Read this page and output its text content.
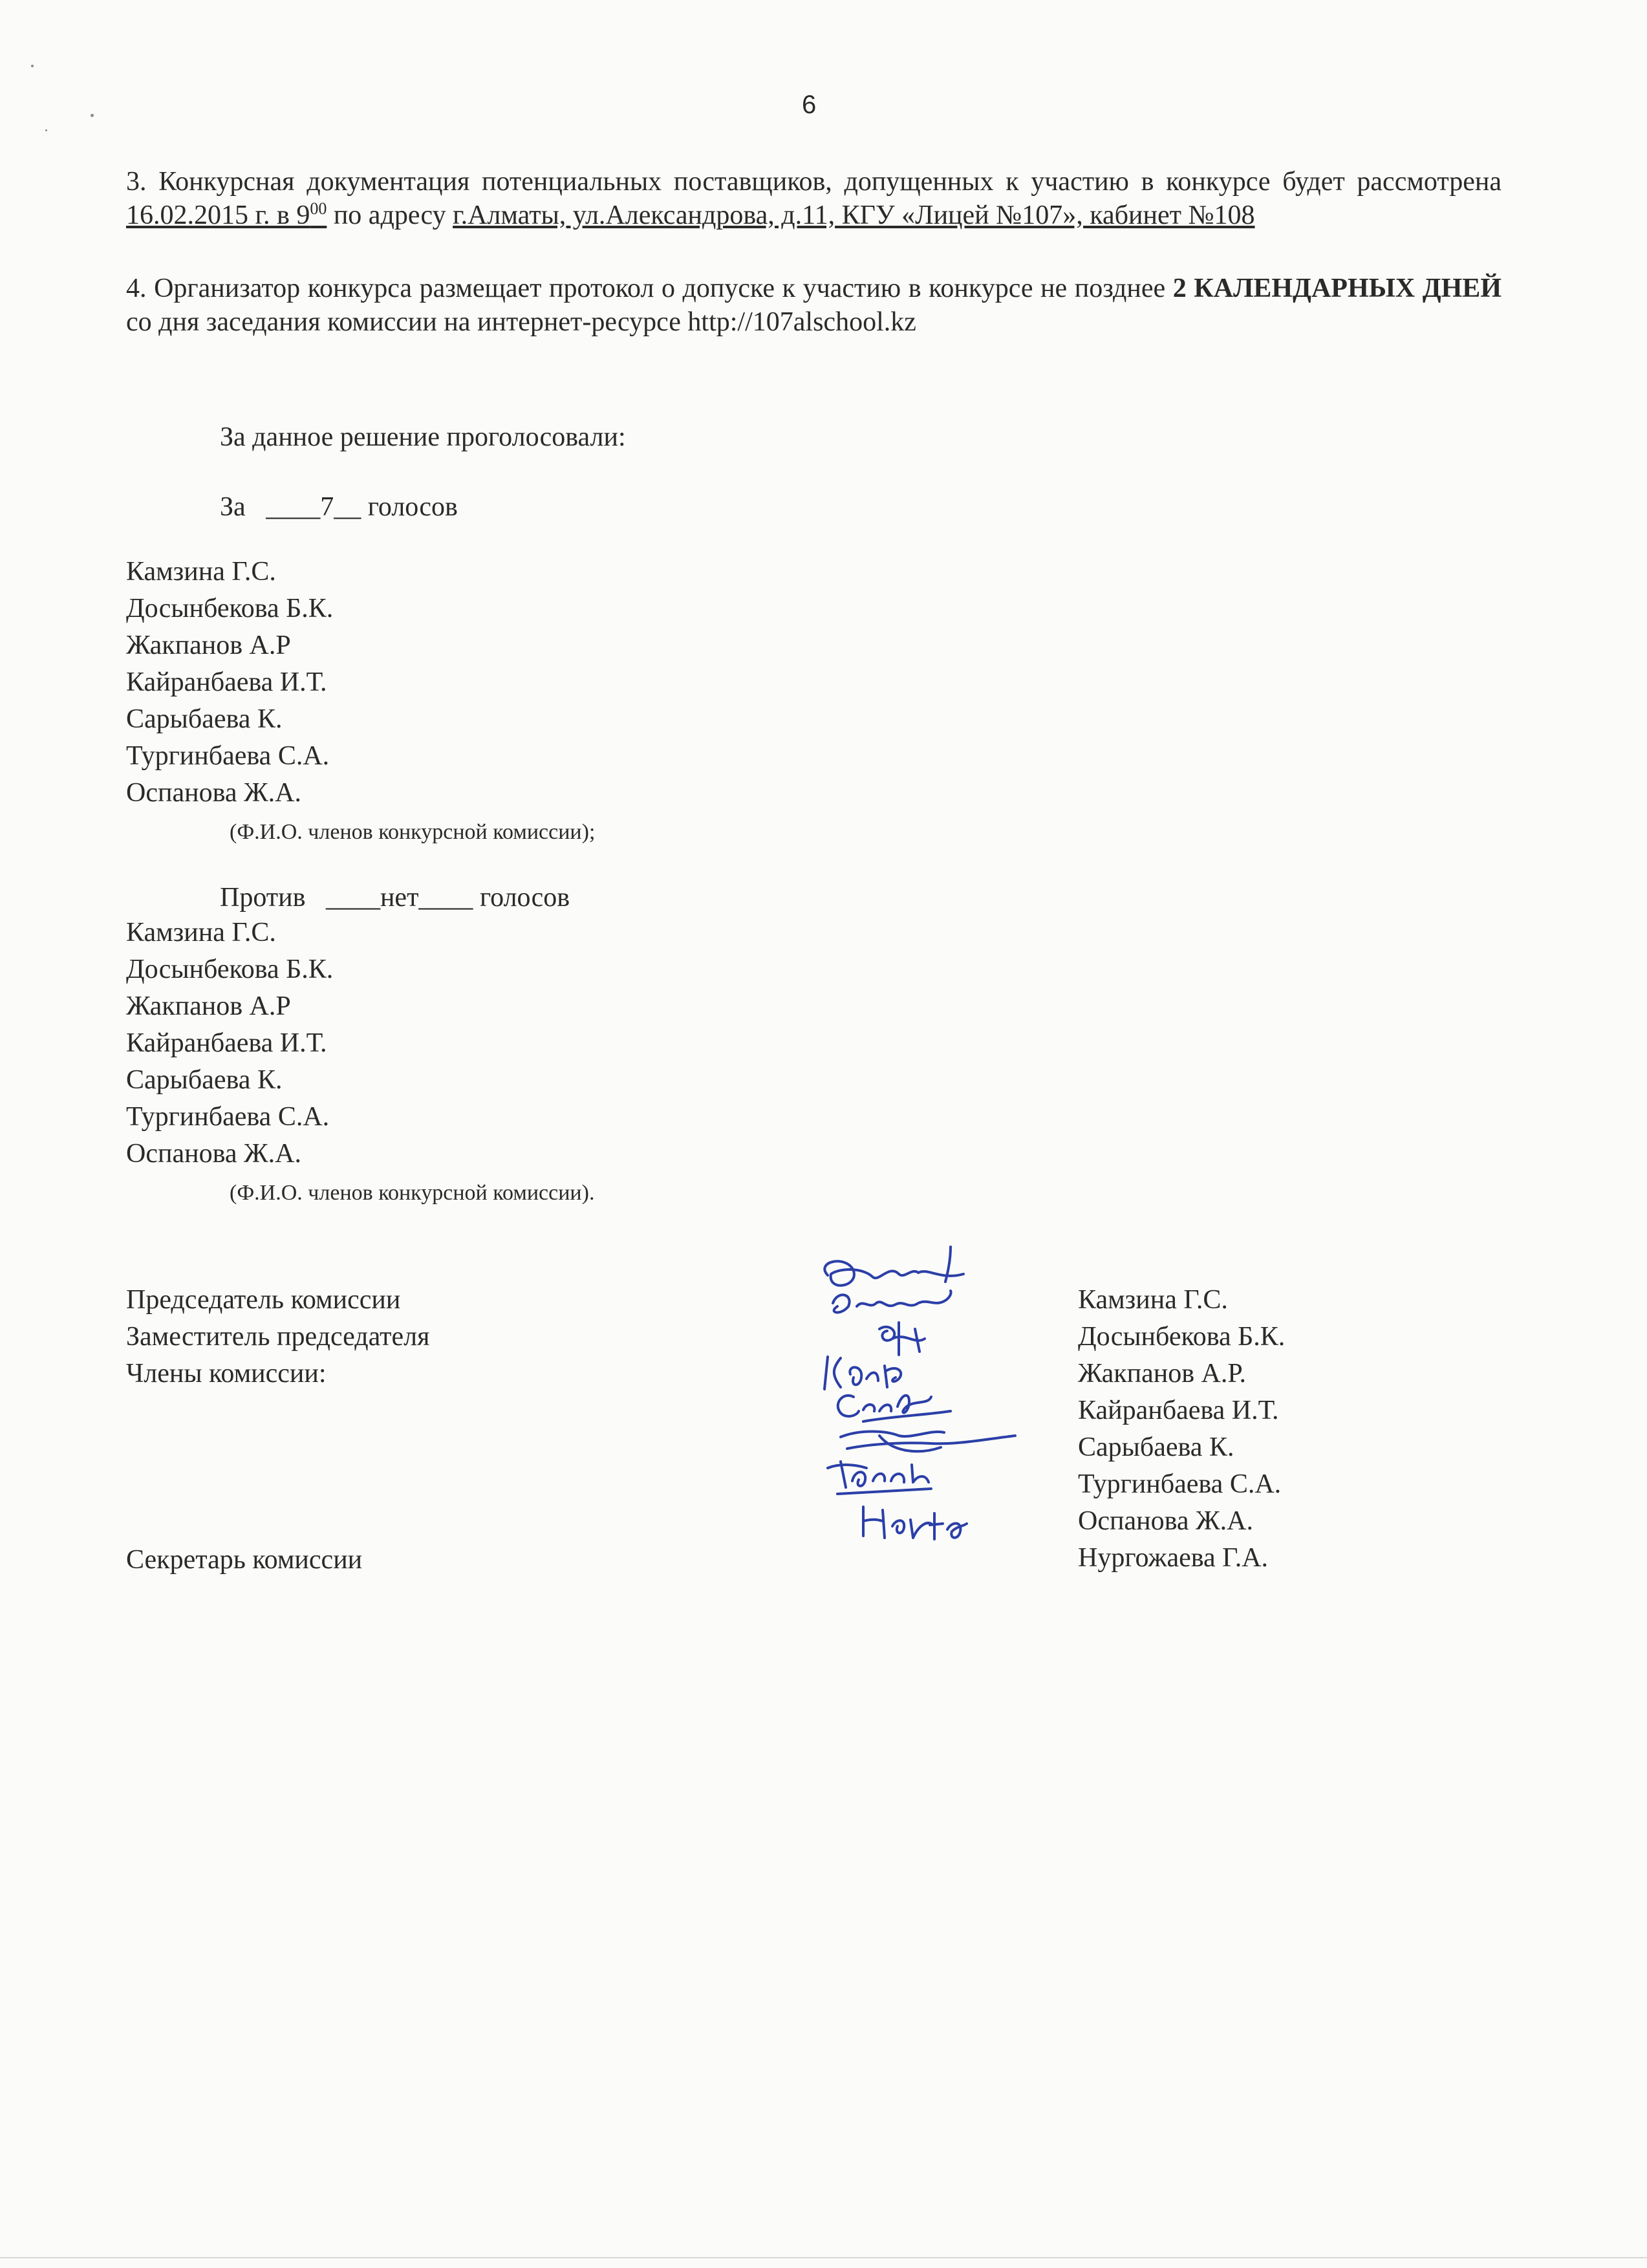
6
3. Конкурсная документация потенциальных поставщиков, допущенных к участию в конкурсе будет рассмотрена 16.02.2015 г. в $9^{00}$ по адресу г.Алматы, ул.Александрова, д.11, КГУ «Лицей №107», кабинет №108
4. Организатор конкурса размещает протокол о допуске к участию в конкурсе не позднее 2 КАЛЕНДАРНЫХ ДНЕЙ со дня заседания комиссии на интернет-ресурсе http://107alschool.kz
За данное решение проголосовали:
За ____7__ голосов
Камзина Г.С.
Досынбекова Б.К.
Жакпанов А.Р
Кайранбаева И.Т.
Сарыбаева К.
Тургинбаева С.А.
Оспанова Ж.А.
(Ф.И.О. членов конкурсной комиссии);
Против ____нет____ голосов
Камзина Г.С.
Досынбекова Б.К.
Жакпанов А.Р
Кайранбаева И.Т.
Сарыбаева К.
Тургинбаева С.А.
Оспанова Ж.А.
(Ф.И.О. членов конкурсной комиссии).
Председатель комиссии
Заместитель председателя
Члены комиссии:
Секретарь комиссии
Камзина Г.С.
Досынбекова Б.К.
Жакпанов А.Р.
Кайранбаева И.Т.
Сарыбаева К.
Тургинбаева С.А.
Оспанова Ж.А.
Нургожаева Г.А.
